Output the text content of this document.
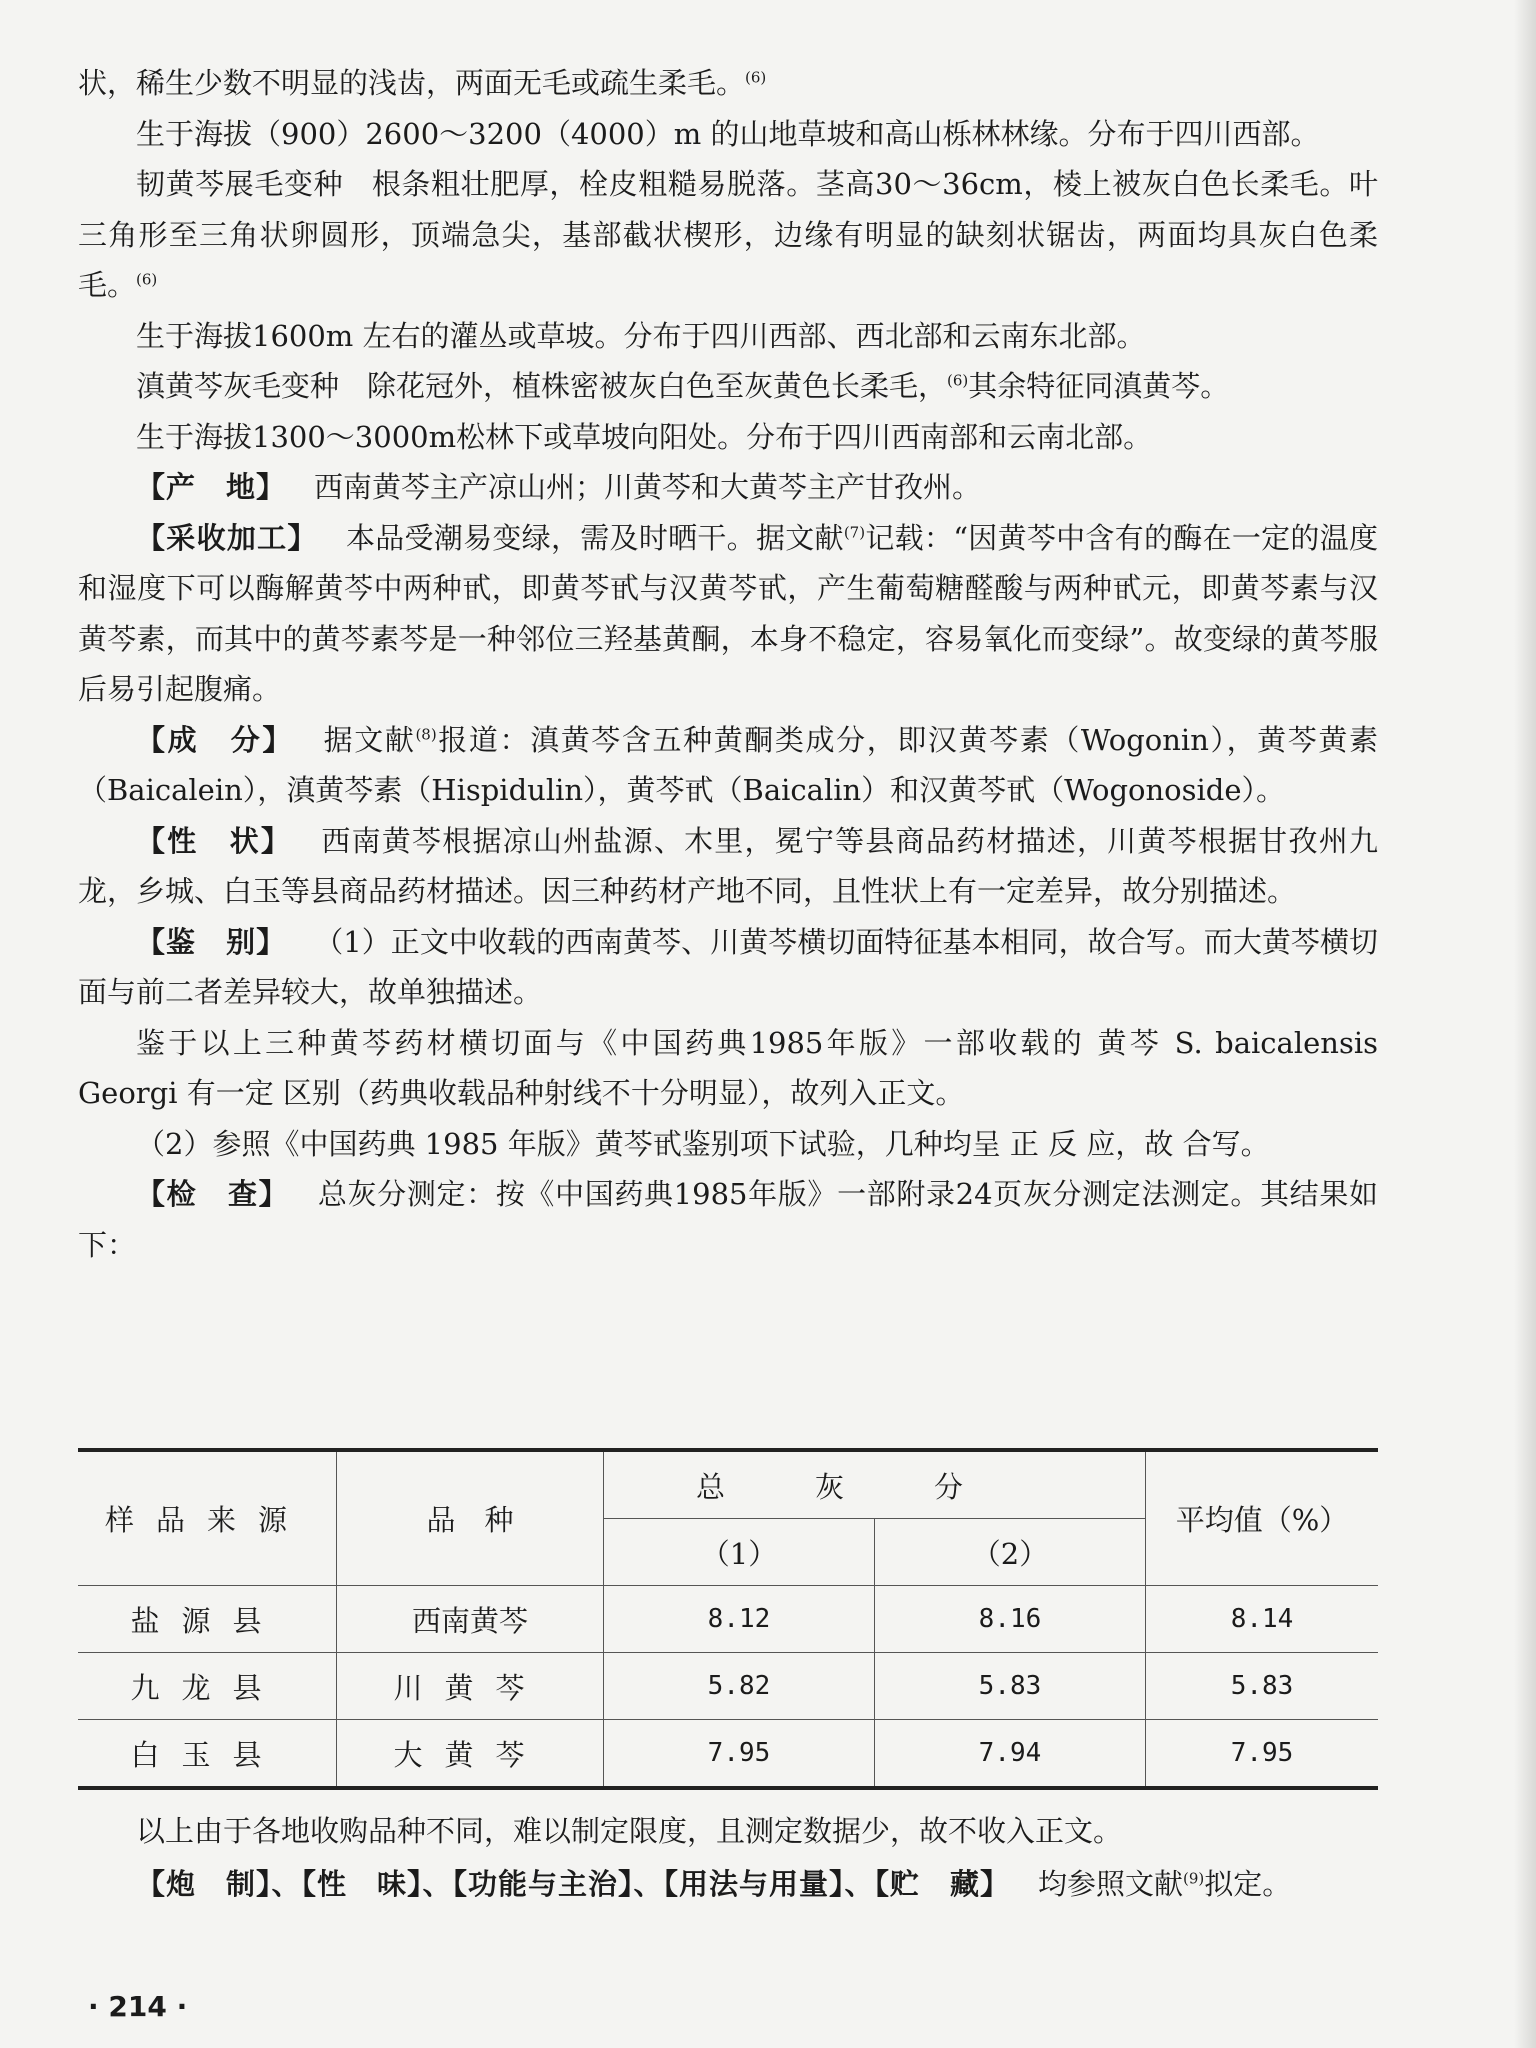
状，稀生少数不明显的浅齿，两面无毛或疏生柔毛。$^{(6)}$

生于海拔（900）2600～3200（4000）m 的山地草坡和高山栎林林缘。分布于四川西部。

韧黄芩展毛变种 根条粗壮肥厚，栓皮粗糙易脱落。茎高30～36cm，棱上被灰白色长柔毛。叶三角形至三角状卵圆形，顶端急尖，基部截状楔形，边缘有明显的缺刻状锯齿，两面均具灰白色柔毛。$^{(6)}$

生于海拔1600m 左右的灌丛或草坡。分布于四川西部、西北部和云南东北部。

滇黄芩灰毛变种 除花冠外，植株密被灰白色至灰黄色长柔毛，$^{(6)}$其余特征同滇黄芩。

生于海拔1300～3000m松林下或草坡向阳处。分布于四川西南部和云南北部。

【产　地】 西南黄芩主产凉山州；川黄芩和大黄芩主产甘孜州。

【采收加工】 本品受潮易变绿，需及时晒干。据文献$^{(7)}$记载：“因黄芩中含有的酶在一定的温度和湿度下可以酶解黄芩中两种甙，即黄芩甙与汉黄芩甙，产生葡萄糖醛酸与两种甙元，即黄芩素与汉黄芩素，而其中的黄芩素芩是一种邻位三羟基黄酮，本身不稳定，容易氧化而变绿”。故变绿的黄芩服后易引起腹痛。

【成　分】 据文献$^{(8)}$报道：滇黄芩含五种黄酮类成分，即汉黄芩素（Wogonin），黄芩黄素（Baicalein），滇黄芩素（Hispidulin），黄芩甙（Baicalin）和汉黄芩甙（Wogonoside）。

【性　状】 西南黄芩根据凉山州盐源、木里，冕宁等县商品药材描述，川黄芩根据甘孜州九龙，乡城、白玉等县商品药材描述。因三种药材产地不同，且性状上有一定差异，故分别描述。

【鉴　别】 （1）正文中收载的西南黄芩、川黄芩横切面特征基本相同，故合写。而大黄芩横切面与前二者差异较大，故单独描述。

鉴于以上三种黄芩药材横切面与《中国药典1985年版》一部收载的 黄芩 S. baicalensis Georgi 有一定 区别（药典收载品种射线不十分明显），故列入正文。

（2）参照《中国药典 1985 年版》黄芩甙鉴别项下试验，几种均呈 正 反 应，故 合写。

【检　查】 总灰分测定：按《中国药典1985年版》一部附录24页灰分测定法测定。其结果如下：

样品来源	品　种	总灰分		平均值（%）
		（1）	（2）	
盐源县	西南黄芩	8.12	8.16	8.14
九龙县	川黄芩	5.82	5.83	5.83
白玉县	大黄芩	7.95	7.94	7.95

以上由于各地收购品种不同，难以制定限度，且测定数据少，故不收入正文。

【炮　制】、【性　味】、【功能与主治】、【用法与用量】、【贮　藏】 均参照文献$^{(9)}$拟定。

· 214 ·
